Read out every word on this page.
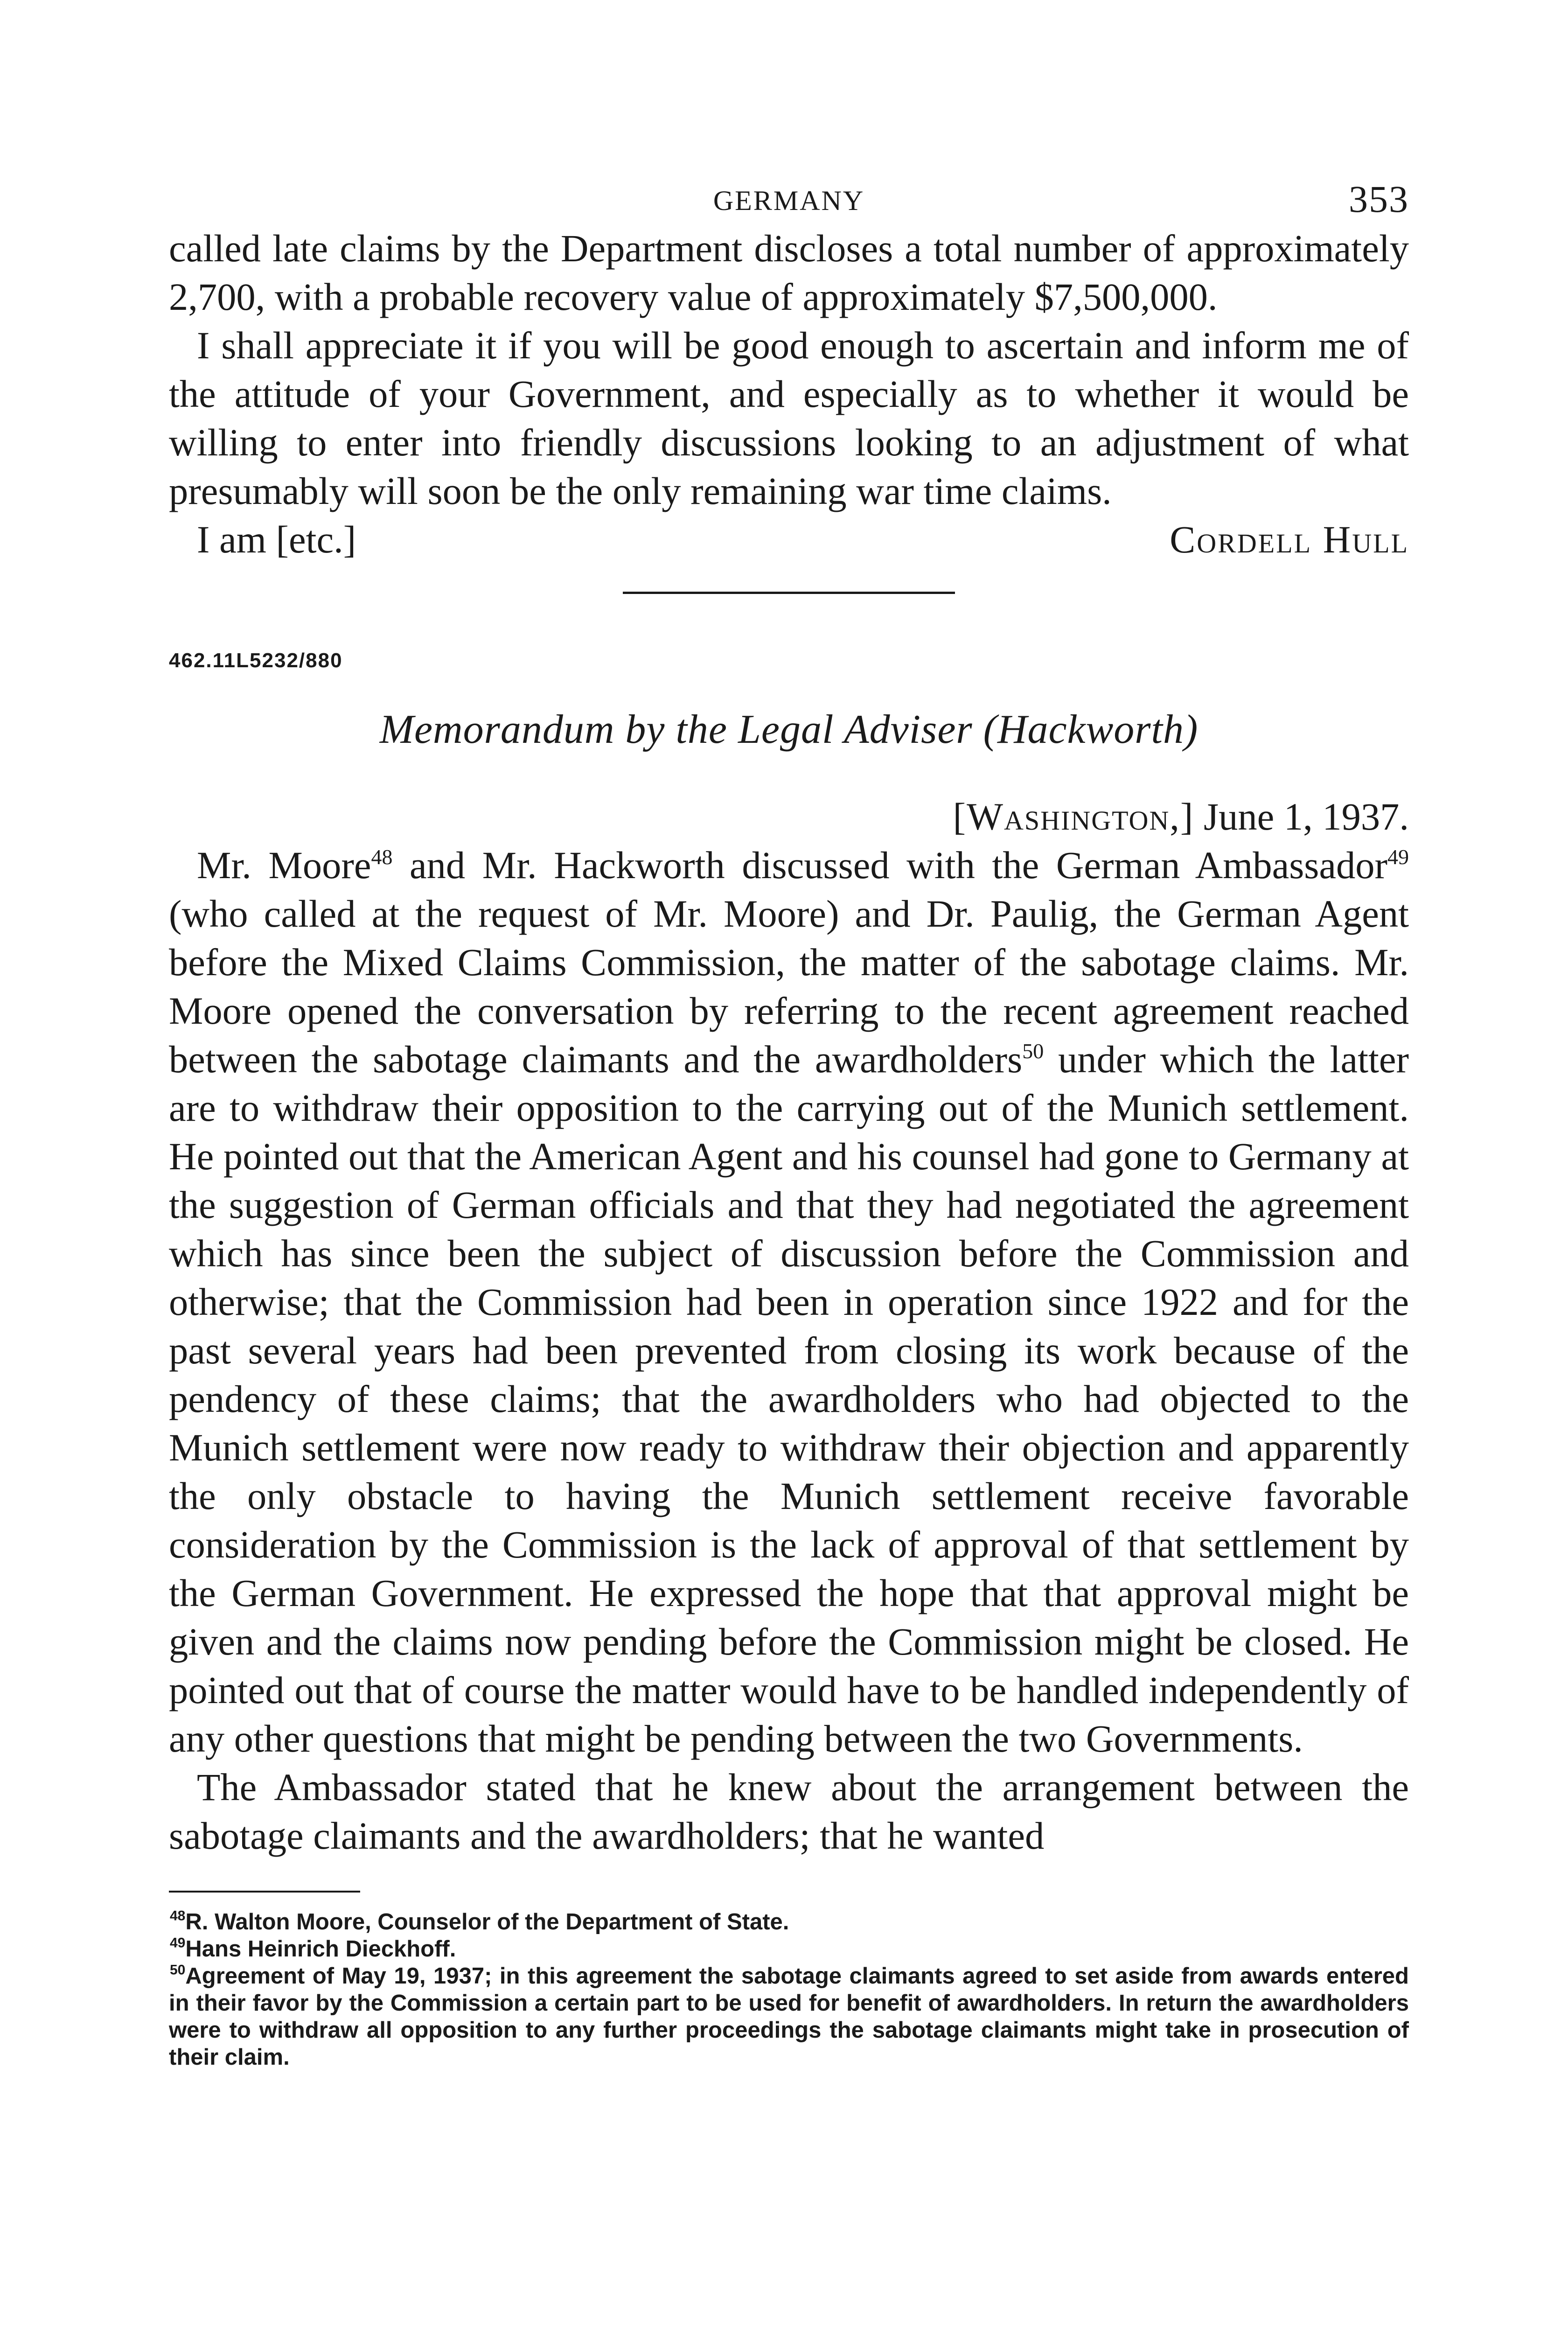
GERMANY	353

called late claims by the Department discloses a total number of approximately 2,700, with a probable recovery value of approximately $7,500,000.

I shall appreciate it if you will be good enough to ascertain and inform me of the attitude of your Government, and especially as to whether it would be willing to enter into friendly discussions looking to an adjustment of what presumably will soon be the only remaining war time claims.

I am [etc.]	Cordell Hull
462.11L5232/880
Memorandum by the Legal Adviser (Hackworth)
[Washington,] June 1, 1937.

Mr. Moore$^{48}$ and Mr. Hackworth discussed with the German Ambassador$^{49}$ (who called at the request of Mr. Moore) and Dr. Paulig, the German Agent before the Mixed Claims Commission, the matter of the sabotage claims. Mr. Moore opened the conversation by referring to the recent agreement reached between the sabotage claimants and the awardholders$^{50}$ under which the latter are to withdraw their opposition to the carrying out of the Munich settlement. He pointed out that the American Agent and his counsel had gone to Germany at the suggestion of German officials and that they had negotiated the agreement which has since been the subject of discussion before the Commission and otherwise; that the Commission had been in operation since 1922 and for the past several years had been prevented from closing its work because of the pendency of these claims; that the awardholders who had objected to the Munich settlement were now ready to withdraw their objection and apparently the only obstacle to having the Munich settlement receive favorable consideration by the Commission is the lack of approval of that settlement by the German Government. He expressed the hope that that approval might be given and the claims now pending before the Commission might be closed. He pointed out that of course the matter would have to be handled independently of any other questions that might be pending between the two Governments.

The Ambassador stated that he knew about the arrangement between the sabotage claimants and the awardholders; that he wanted

$^{48}$R. Walton Moore, Counselor of the Department of State.

$^{49}$Hans Heinrich Dieckhoff.

$^{50}$Agreement of May 19, 1937; in this agreement the sabotage claimants agreed to set aside from awards entered in their favor by the Commission a certain part to be used for benefit of awardholders. In return the awardholders were to withdraw all opposition to any further proceedings the sabotage claimants might take in prosecution of their claim.
